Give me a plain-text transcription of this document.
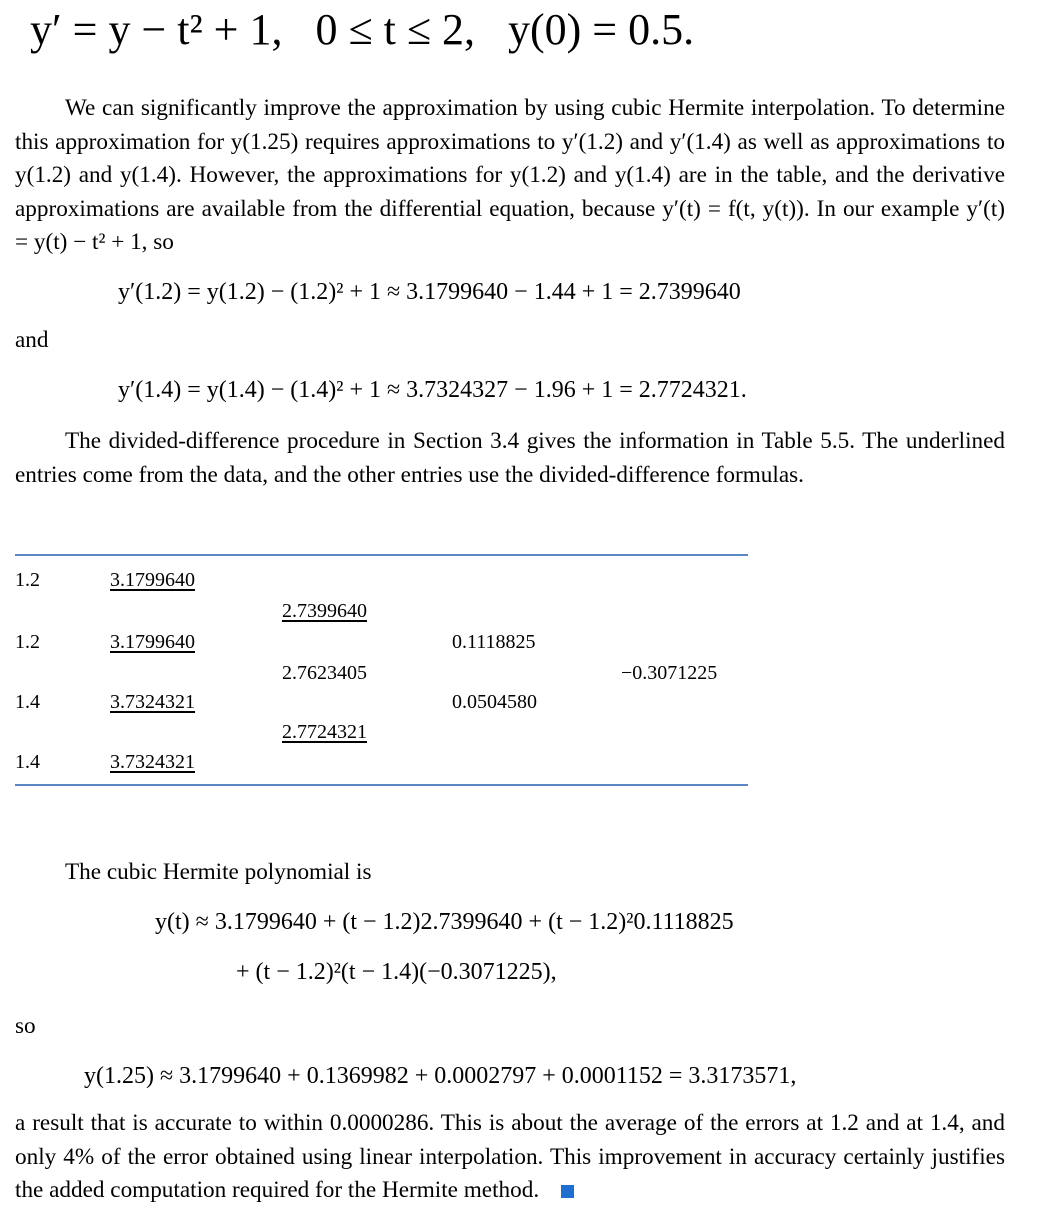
y′ = y − t² + 1,   0 ≤ t ≤ 2,   y(0) = 0.5.

We can significantly improve the approximation by using cubic Hermite interpolation. To determine this approximation for y(1.25) requires approximations to y′(1.2) and y′(1.4) as well as approximations to y(1.2) and y(1.4). However, the approximations for y(1.2) and y(1.4) are in the table, and the derivative approximations are available from the differential equation, because y′(t) = f(t, y(t)). In our example y′(t) = y(t) − t² + 1, so

y′(1.2) = y(1.2) − (1.2)² + 1 ≈ 3.1799640 − 1.44 + 1 = 2.7399640
and
y′(1.4) = y(1.4) − (1.4)² + 1 ≈ 3.7324327 − 1.96 + 1 = 2.7724321.

The divided-difference procedure in Section 3.4 gives the information in Table 5.5. The underlined entries come from the data, and the other entries use the divided-difference formulas.

1.2
1.2
1.4
1.4
3.1799640
3.1799640
3.7324321
3.7324321
2.7399640
2.7623405
2.7724321
0.1118825
0.0504580
−0.3071225

The cubic Hermite polynomial is

y(t) ≈ 3.1799640 + (t − 1.2)2.7399640 + (t − 1.2)²0.1118825
+ (t − 1.2)²(t − 1.4)(−0.3071225),
so
y(1.25) ≈ 3.1799640 + 0.1369982 + 0.0002797 + 0.0001152 = 3.3173571,

a result that is accurate to within 0.0000286. This is about the average of the errors at 1.2 and at 1.4, and only 4% of the error obtained using linear interpolation. This improvement in accuracy certainly justifies the added computation required for the Hermite method.
